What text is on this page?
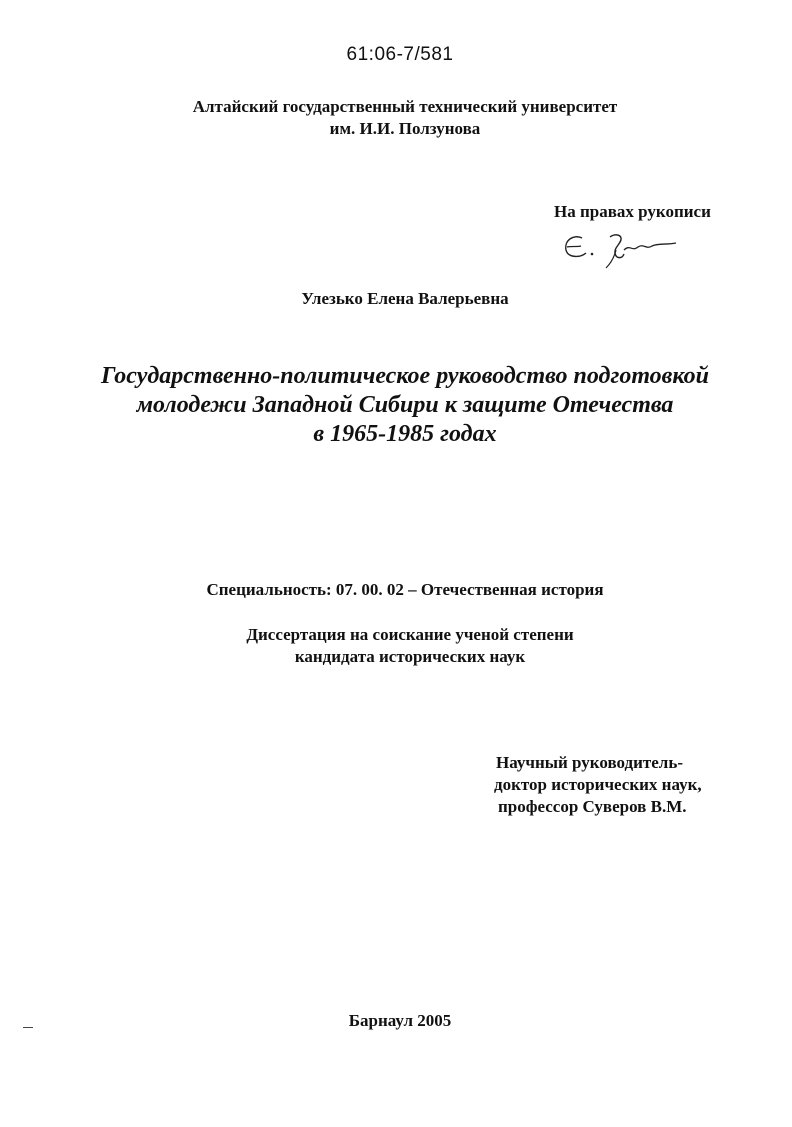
61:06-7/581
Алтайский государственный технический университет
им. И.И. Ползунова
На правах рукописи
Улезько Елена Валерьевна
Государственно-политическое руководство подготовкой
молодежи Западной Сибири к защите Отечества
в 1965-1985 годах
Специальность: 07. 00. 02 – Отечественная история
Диссертация на соискание ученой степени
кандидата исторических наук
Научный руководитель-
доктор исторических наук,
профессор Суверов В.М.
Барнаул 2005
